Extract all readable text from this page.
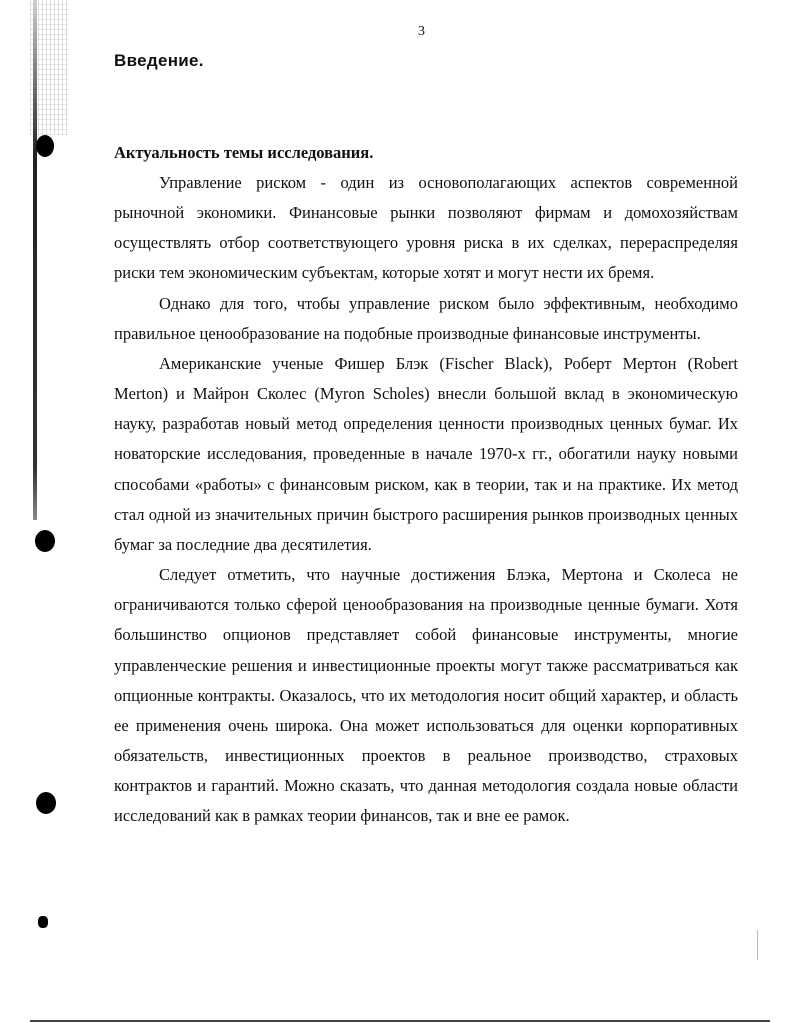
3
Введение.
Актуальность темы исследования.

Управление риском - один из основополагающих аспектов современной рыночной экономики. Финансовые рынки позволяют фирмам и домохозяйствам осуществлять отбор соответствующего уровня риска в их сделках, перераспределяя риски тем экономическим субъектам, которые хотят и могут нести их бремя.

Однако для того, чтобы управление риском было эффективным, необходимо правильное ценообразование на подобные производные финансовые инструменты.

Американские ученые Фишер Блэк (Fischer Black), Роберт Мертон (Robert Merton) и Майрон Сколес (Myron Scholes) внесли большой вклад в экономическую науку, разработав новый метод определения ценности производных ценных бумаг. Их новаторские исследования, проведенные в начале 1970-х гг., обогатили науку новыми способами «работы» с финансовым риском, как в теории, так и на практике. Их метод стал одной из значительных причин быстрого расширения рынков производных ценных бумаг за последние два десятилетия.

Следует отметить, что научные достижения Блэка, Мертона и Сколеса не ограничиваются только сферой ценообразования на производные ценные бумаги. Хотя большинство опционов представляет собой финансовые инструменты, многие управленческие решения и инвестиционные проекты могут также рассматриваться как опционные контракты. Оказалось, что их методология носит общий характер, и область ее применения очень широка. Она может использоваться для оценки корпоративных обязательств, инвестиционных проектов в реальное производство, страховых контрактов и гарантий. Можно сказать, что данная методология создала новые области исследований как в рамках теории финансов, так и вне ее рамок.
